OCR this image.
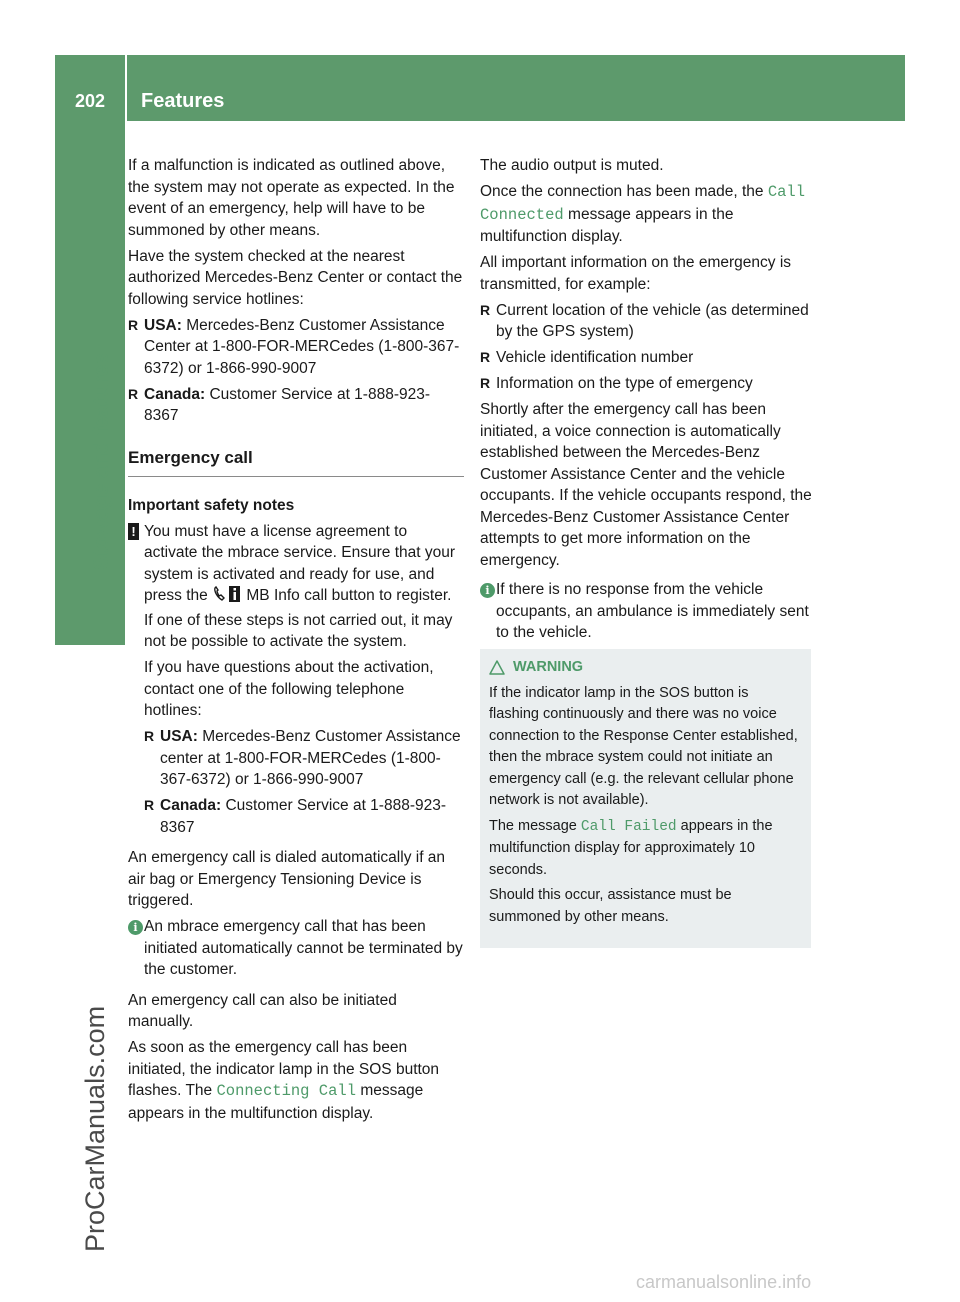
202	Features
Stowage and features

If a malfunction is indicated as outlined above, the system may not operate as expected. In the event of an emergency, help will have to be summoned by other means.

Have the system checked at the nearest authorized Mercedes-Benz Center or contact the following service hotlines:

R USA: Mercedes-Benz Customer Assistance Center at 1-800-FOR-MERCedes (1-800-367-6372) or 1-866-990-9007
R Canada: Customer Service at 1-888-923-8367
Emergency call
Important safety notes
! You must have a license agreement to activate the mbrace service. Ensure that your system is activated and ready for use, and press the MB Info call button to register. If one of these steps is not carried out, it may not be possible to activate the system.

If you have questions about the activation, contact one of the following telephone hotlines:

R USA: Mercedes-Benz Customer Assistance center at 1-800-FOR-MERCedes (1-800-367-6372) or 1-866-990-9007
R Canada: Customer Service at 1-888-923-8367

An emergency call is dialed automatically if an air bag or Emergency Tensioning Device is triggered.

i An mbrace emergency call that has been initiated automatically cannot be terminated by the customer.

An emergency call can also be initiated manually.

As soon as the emergency call has been initiated, the indicator lamp in the SOS button flashes. The Connecting Call message appears in the multifunction display.

The audio output is muted.

Once the connection has been made, the Call Connected message appears in the multifunction display.

All important information on the emergency is transmitted, for example:

R Current location of the vehicle (as determined by the GPS system)
R Vehicle identification number
R Information on the type of emergency

Shortly after the emergency call has been initiated, a voice connection is automatically established between the Mercedes-Benz Customer Assistance Center and the vehicle occupants. If the vehicle occupants respond, the Mercedes-Benz Customer Assistance Center attempts to get more information on the emergency.

i If there is no response from the vehicle occupants, an ambulance is immediately sent to the vehicle.

WARNING

If the indicator lamp in the SOS button is flashing continuously and there was no voice connection to the Response Center established, then the mbrace system could not initiate an emergency call (e.g. the relevant cellular phone network is not available).

The message Call Failed appears in the multifunction display for approximately 10 seconds.

Should this occur, assistance must be summoned by other means.

ProCarManuals.com
carmanualsonline.info
